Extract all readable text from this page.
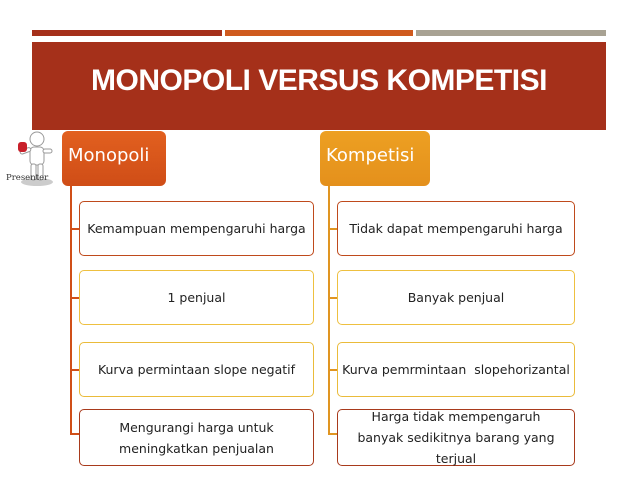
MONOPOLI VERSUS KOMPETISI
Presenter
Monopoli
Kemampuan mempengaruhi harga
1 penjual
Kurva permintaan slope negatif
Mengurangi harga untuk meningkatkan penjualan
Kompetisi
Tidak dapat mempengaruhi harga
Banyak penjual
Kurva pemrmintaan  slopehorizantal
Harga tidak mempengaruh banyak sedikitnya barang yang terjual
